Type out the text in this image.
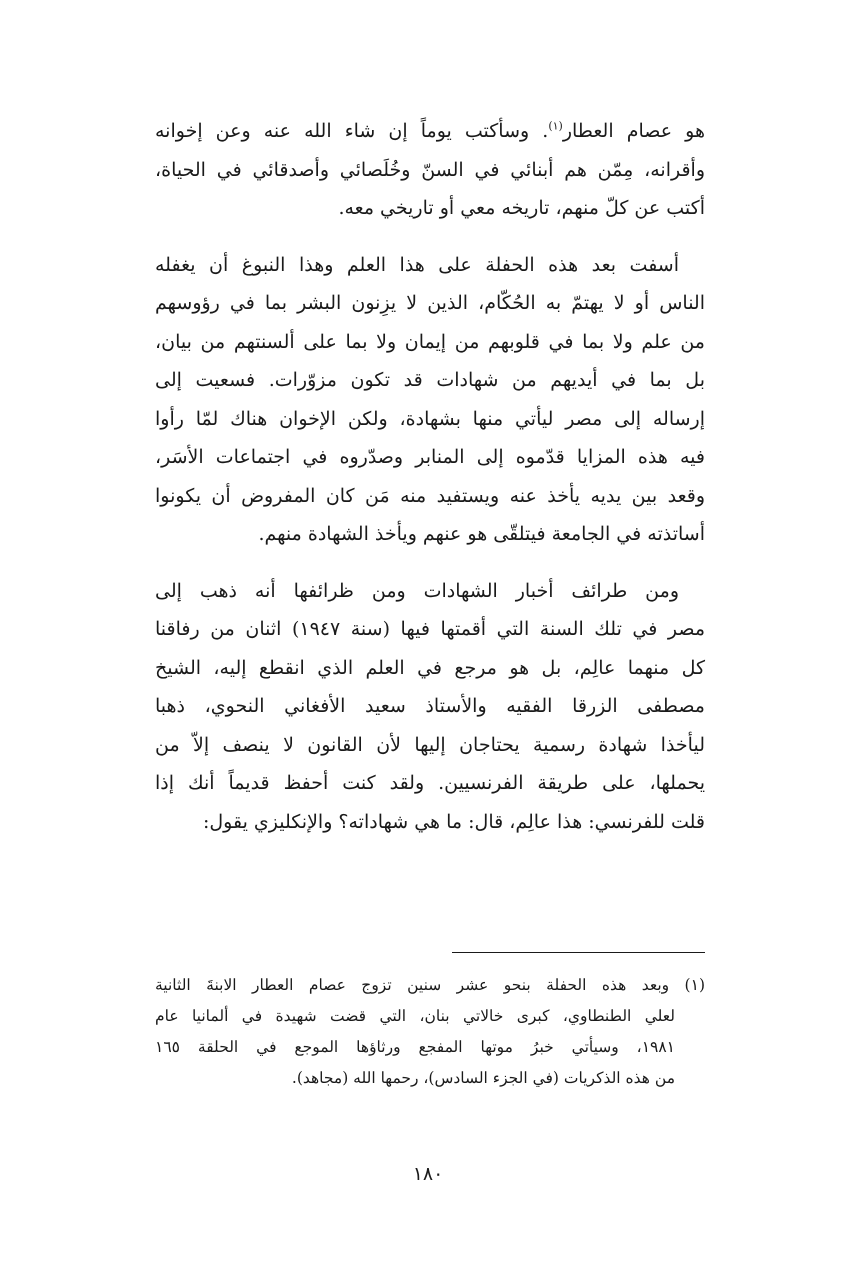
هو عصام العطار$^{(١)}$. وسأكتب يوماً إن شاء الله عنه وعن إخوانه
وأقرانه، مِمّن هم أبنائي في السنّ وخُلَصائي وأصدقائي في الحياة،
أكتب عن كلّ منهم، تاريخه معي أو تاريخي معه.

أسفت بعد هذه الحفلة على هذا العلم وهذا النبوغ أن يغفله
الناس أو لا يهتمّ به الحُكّام، الذين لا يزِنون البشر بما في رؤوسهم
من علم ولا بما في قلوبهم من إيمان ولا بما على ألسنتهم من بيان،
بل بما في أيديهم من شهادات قد تكون مزوّرات. فسعيت إلى
إرساله إلى مصر ليأتي منها بشهادة، ولكن الإخوان هناك لمّا رأوا
فيه هذه المزايا قدّموه إلى المنابر وصدّروه في اجتماعات الأسَر،
وقعد بين يديه يأخذ عنه ويستفيد منه مَن كان المفروض أن يكونوا
أساتذته في الجامعة فيتلقّى هو عنهم ويأخذ الشهادة منهم.

ومن طرائف أخبار الشهادات ومن ظرائفها أنه ذهب إلى
مصر في تلك السنة التي أقمتها فيها (سنة ١٩٤٧) اثنان من رفاقنا
كل منهما عالِم، بل هو مرجع في العلم الذي انقطع إليه، الشيخ
مصطفى الزرقا الفقيه والأستاذ سعيد الأفغاني النحوي، ذهبا
ليأخذا شهادة رسمية يحتاجان إليها لأن القانون لا ينصف إلاّ من
يحملها، على طريقة الفرنسيين. ولقد كنت أحفظ قديماً أنك إذا
قلت للفرنسي: هذا عالِم، قال: ما هي شهاداته؟ والإنكليزي يقول:

(١) وبعد هذه الحفلة بنحو عشر سنين تزوج عصام العطار الابنةَ الثانية
لعلي الطنطاوي، كبرى خالاتي بنان، التي قضت شهيدة في ألمانيا عام
١٩٨١، وسيأتي خبرُ موتها المفجع ورثاؤها الموجع في الحلقة ١٦٥
من هذه الذكريات (في الجزء السادس)، رحمها الله (مجاهد).

١٨٠
